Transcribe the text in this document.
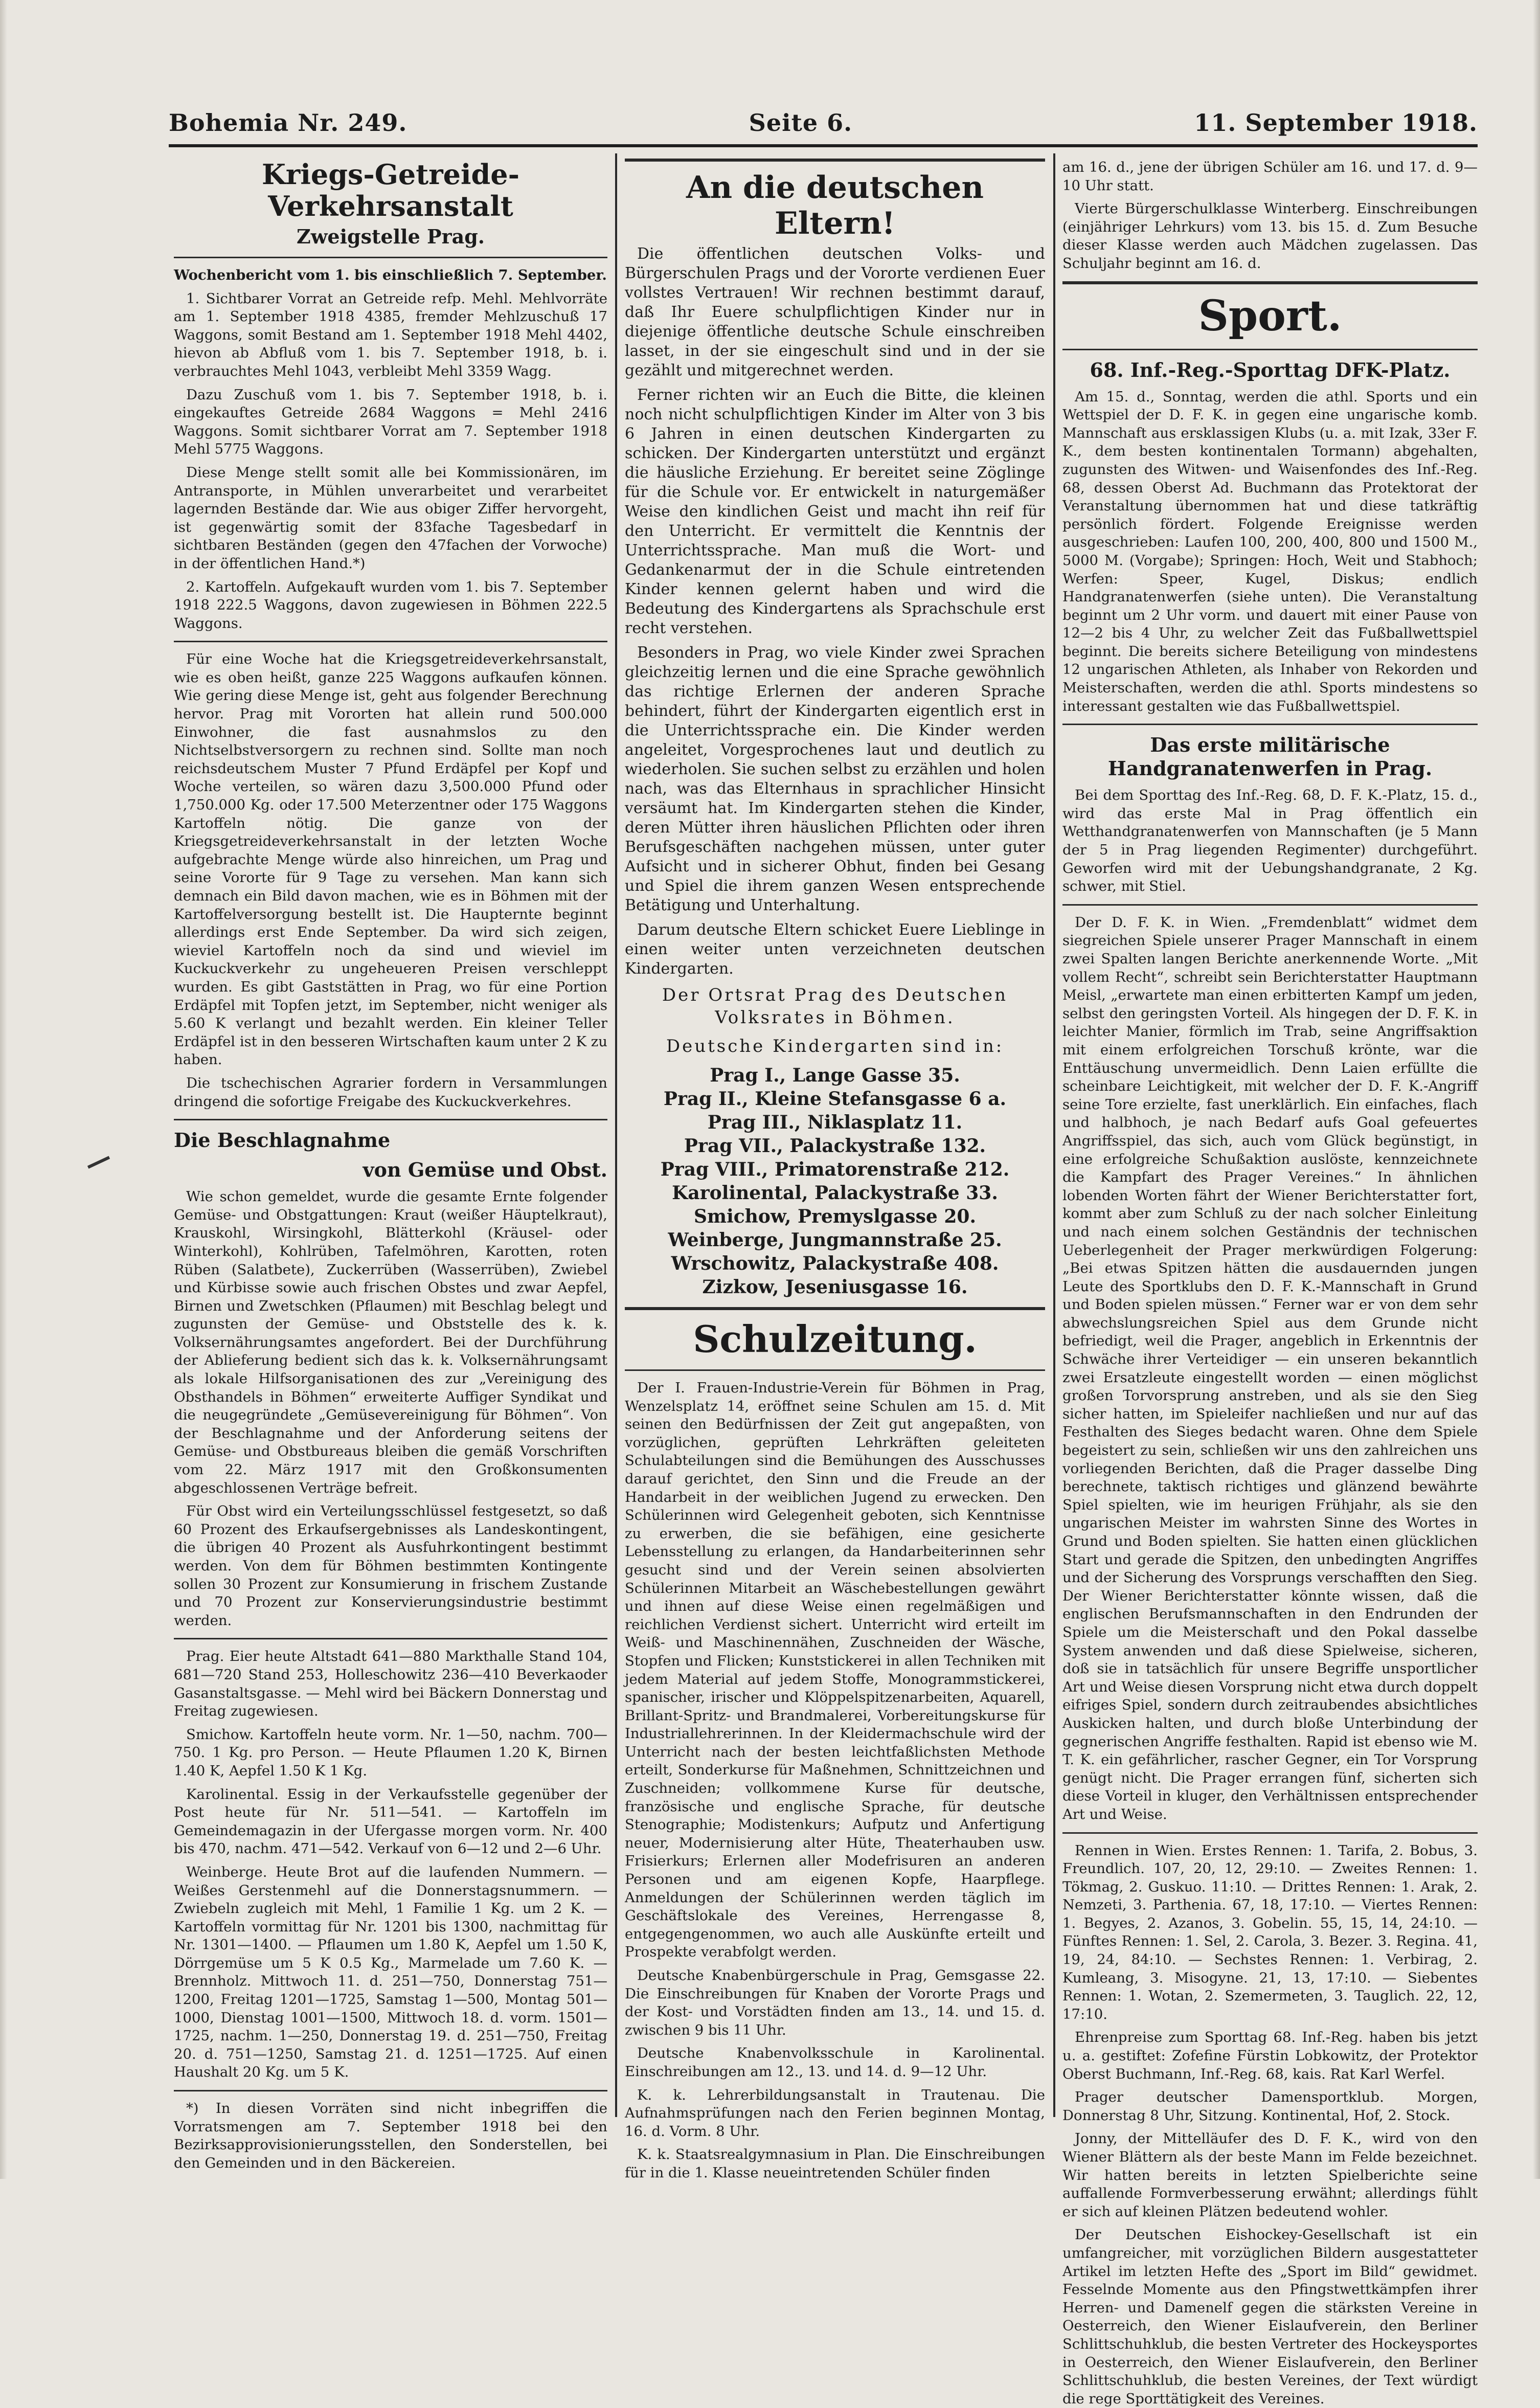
Bohemia Nr. 249.	Seite 6.	11. September 1918.
Kriegs-Getreide-Verkehrsanstalt
Zweigstelle Prag.

Wochenbericht vom 1. bis einschließlich 7. September.

1. Sichtbarer Vorrat an Getreide refp. Mehl. Mehlvorräte am 1. September 1918 4385, fremder Mehlzuschuß 17 Waggons, somit Bestand am 1. September 1918 Mehl 4402, hievon ab Abfluß vom 1. bis 7. September 1918, b. i. verbrauchtes Mehl 1043, verbleibt Mehl 3359 Wagg.

Dazu Zuschuß vom 1. bis 7. September 1918, b. i. eingekauftes Getreide 2684 Waggons = Mehl 2416 Waggons. Somit sichtbarer Vorrat am 7. September 1918 Mehl 5775 Waggons.

Diese Menge stellt somit alle bei Kommissionären, im Antransporte, in Mühlen unverarbeitet und verarbeitet lagernden Bestände dar. Wie aus obiger Ziffer hervorgeht, ist gegenwärtig somit der 83fache Tagesbedarf in sichtbaren Beständen (gegen den 47fachen der Vorwoche) in der öffentlichen Hand.*)

2. Kartoffeln. Aufgekauft wurden vom 1. bis 7. September 1918 222.5 Waggons, davon zugewiesen in Böhmen 222.5 Waggons.

Für eine Woche hat die Kriegsgetreideverkehrsanstalt, wie es oben heißt, ganze 225 Waggons aufkaufen können. Wie gering diese Menge ist, geht aus folgender Berechnung hervor. Prag mit Vororten hat allein rund 500.000 Einwohner, die fast ausnahmslos zu den Nichtselbstversorgern zu rechnen sind. Sollte man noch reichsdeutschem Muster 7 Pfund Erdäpfel per Kopf und Woche verteilen, so wären dazu 3,500.000 Pfund oder 1,750.000 Kg. oder 17.500 Meterzentner oder 175 Waggons Kartoffeln nötig. Die ganze von der Kriegsgetreideverkehrsanstalt in der letzten Woche aufgebrachte Menge würde also hinreichen, um Prag und seine Vororte für 9 Tage zu versehen. Man kann sich demnach ein Bild davon machen, wie es in Böhmen mit der Kartoffelversorgung bestellt ist. Die Haupternte beginnt allerdings erst Ende September. Da wird sich zeigen, wieviel Kartoffeln noch da sind und wieviel im Kuckuckverkehr zu ungeheueren Preisen verschleppt wurden. Es gibt Gaststätten in Prag, wo für eine Portion Erdäpfel mit Topfen jetzt, im September, nicht weniger als 5.60 K verlangt und bezahlt werden. Ein kleiner Teller Erdäpfel ist in den besseren Wirtschaften kaum unter 2 K zu haben.

Die tschechischen Agrarier fordern in Versammlungen dringend die sofortige Freigabe des Kuckuckverkehres.

Die Beschlagnahme
von Gemüse und Obst.

Wie schon gemeldet, wurde die gesamte Ernte folgender Gemüse- und Obstgattungen: Kraut (weißer Häuptelkraut), Krauskohl, Wirsingkohl, Blätterkohl (Kräusel- oder Winterkohl), Kohlrüben, Tafelmöhren, Karotten, roten Rüben (Salatbete), Zuckerrüben (Wasserrüben), Zwiebel und Kürbisse sowie auch frischen Obstes und zwar Aepfel, Birnen und Zwetschken (Pflaumen) mit Beschlag belegt und zugunsten der Gemüse- und Obststelle des k. k. Volksernährungsamtes angefordert. Bei der Durchführung der Ablieferung bedient sich das k. k. Volksernährungsamt als lokale Hilfsorganisationen des zur „Vereinigung des Obsthandels in Böhmen“ erweiterte Auffiger Syndikat und die neugegründete „Gemüsevereinigung für Böhmen“. Von der Beschlagnahme und der Anforderung seitens der Gemüse- und Obstbureaus bleiben die gemäß Vorschriften vom 22. März 1917 mit den Großkonsumenten abgeschlossenen Verträge befreit.

Für Obst wird ein Verteilungsschlüssel festgesetzt, so daß 60 Prozent des Erkaufsergebnisses als Landeskontingent, die übrigen 40 Prozent als Ausfuhrkontingent bestimmt werden. Von dem für Böhmen bestimmten Kontingente sollen 30 Prozent zur Konsumierung in frischem Zustande und 70 Prozent zur Konservierungsindustrie bestimmt werden.

Prag. Eier heute Altstadt 641—880 Markthalle Stand 104, 681—720 Stand 253, Holleschowitz 236—410 Beverkaoder Gasanstaltsgasse. — Mehl wird bei Bäckern Donnerstag und Freitag zugewiesen.

Smichow. Kartoffeln heute vorm. Nr. 1—50, nachm. 700—750. 1 Kg. pro Person. — Heute Pflaumen 1.20 K, Birnen 1.40 K, Aepfel 1.50 K 1 Kg.

Karolinental. Essig in der Verkaufsstelle gegenüber der Post heute für Nr. 511—541. — Kartoffeln im Gemeindemagazin in der Ufergasse morgen vorm. Nr. 400 bis 470, nachm. 471—542. Verkauf von 6—12 und 2—6 Uhr.

Weinberge. Heute Brot auf die laufenden Nummern. — Weißes Gerstenmehl auf die Donnerstagsnummern. — Zwiebeln zugleich mit Mehl, 1 Familie 1 Kg. um 2 K. — Kartoffeln vormittag für Nr. 1201 bis 1300, nachmittag für Nr. 1301—1400. — Pflaumen um 1.80 K, Aepfel um 1.50 K, Dörrgemüse um 5 K 0.5 Kg., Marmelade um 7.60 K. — Brennholz. Mittwoch 11. d. 251—750, Donnerstag 751—1200, Freitag 1201—1725, Samstag 1—500, Montag 501—1000, Dienstag 1001—1500, Mittwoch 18. d. vorm. 1501—1725, nachm. 1—250, Donnerstag 19. d. 251—750, Freitag 20. d. 751—1250, Samstag 21. d. 1251—1725. Auf einen Haushalt 20 Kg. um 5 K.

*) In diesen Vorräten sind nicht inbegriffen die Vorratsmengen am 7. September 1918 bei den Bezirksapprovisionierungsstellen, den Sonderstellen, bei den Gemeinden und in den Bäckereien.

An die deutschen Eltern!

Die öffentlichen deutschen Volks- und Bürgerschulen Prags und der Vororte verdienen Euer vollstes Vertrauen! Wir rechnen bestimmt darauf, daß Ihr Euere schulpflichtigen Kinder nur in diejenige öffentliche deutsche Schule einschreiben lasset, in der sie eingeschult sind und in der sie gezählt und mitgerechnet werden.

Ferner richten wir an Euch die Bitte, die kleinen noch nicht schulpflichtigen Kinder im Alter von 3 bis 6 Jahren in einen deutschen Kindergarten zu schicken. Der Kindergarten unterstützt und ergänzt die häusliche Erziehung. Er bereitet seine Zöglinge für die Schule vor. Er entwickelt in naturgemäßer Weise den kindlichen Geist und macht ihn reif für den Unterricht. Er vermittelt die Kenntnis der Unterrichtssprache. Man muß die Wort- und Gedankenarmut der in die Schule eintretenden Kinder kennen gelernt haben und wird die Bedeutung des Kindergartens als Sprachschule erst recht verstehen.

Besonders in Prag, wo viele Kinder zwei Sprachen gleichzeitig lernen und die eine Sprache gewöhnlich das richtige Erlernen der anderen Sprache behindert, führt der Kindergarten eigentlich erst in die Unterrichtssprache ein. Die Kinder werden angeleitet, Vorgesprochenes laut und deutlich zu wiederholen. Sie suchen selbst zu erzählen und holen nach, was das Elternhaus in sprachlicher Hinsicht versäumt hat. Im Kindergarten stehen die Kinder, deren Mütter ihren häuslichen Pflichten oder ihren Berufsgeschäften nachgehen müssen, unter guter Aufsicht und in sicherer Obhut, finden bei Gesang und Spiel die ihrem ganzen Wesen entsprechende Betätigung und Unterhaltung.

Darum deutsche Eltern schicket Euere Lieblinge in einen weiter unten verzeichneten deutschen Kindergarten.

Der Ortsrat Prag des Deutschen Volksrates in Böhmen.
Deutsche Kindergarten sind in:
Prag I., Lange Gasse 35.
Prag II., Kleine Stefansgasse 6 a.
Prag III., Niklasplatz 11.
Prag VII., Palackystraße 132.
Prag VIII., Primatorenstraße 212.
Karolinental, Palackystraße 33.
Smichow, Premyslgasse 20.
Weinberge, Jungmannstraße 25.
Wrschowitz, Palackystraße 408.
Zizkow, Jeseniusgasse 16.
Schulzeitung.

Der I. Frauen-Industrie-Verein für Böhmen in Prag, Wenzelsplatz 14, eröffnet seine Schulen am 15. d. Mit seinen den Bedürfnissen der Zeit gut angepaßten, von vorzüglichen, geprüften Lehrkräften geleiteten Schulabteilungen sind die Bemühungen des Ausschusses darauf gerichtet, den Sinn und die Freude an der Handarbeit in der weiblichen Jugend zu erwecken. Den Schülerinnen wird Gelegenheit geboten, sich Kenntnisse zu erwerben, die sie befähigen, eine gesicherte Lebensstellung zu erlangen, da Handarbeiterinnen sehr gesucht sind und der Verein seinen absolvierten Schülerinnen Mitarbeit an Wäschebestellungen gewährt und ihnen auf diese Weise einen regelmäßigen und reichlichen Verdienst sichert. Unterricht wird erteilt im Weiß- und Maschinennähen, Zuschneiden der Wäsche, Stopfen und Flicken; Kunststickerei in allen Techniken mit jedem Material auf jedem Stoffe, Monogrammstickerei, spanischer, irischer und Klöppelspitzenarbeiten, Aquarell, Brillant-Spritz- und Brandmalerei, Vorbereitungskurse für Industriallehrerinnen. In der Kleidermachschule wird der Unterricht nach der besten leichtfaßlichsten Methode erteilt, Sonderkurse für Maßnehmen, Schnittzeichnen und Zuschneiden; vollkommene Kurse für deutsche, französische und englische Sprache, für deutsche Stenographie; Modistenkurs; Aufputz und Anfertigung neuer, Modernisierung alter Hüte, Theaterhauben usw. Frisierkurs; Erlernen aller Modefrisuren an anderen Personen und am eigenen Kopfe, Haarpflege. Anmeldungen der Schülerinnen werden täglich im Geschäftslokale des Vereines, Herrengasse 8, entgegengenommen, wo auch alle Auskünfte erteilt und Prospekte verabfolgt werden.

Deutsche Knabenbürgerschule in Prag, Gemsgasse 22. Die Einschreibungen für Knaben der Vororte Prags und der Kost- und Vorstädten finden am 13., 14. und 15. d. zwischen 9 bis 11 Uhr.

Deutsche Knabenvolksschule in Karolinental. Einschreibungen am 12., 13. und 14. d. 9—12 Uhr.

K. k. Lehrerbildungsanstalt in Trautenau. Die Aufnahmsprüfungen nach den Ferien beginnen Montag, 16. d. Vorm. 8 Uhr.

K. k. Staatsrealgymnasium in Plan. Die Einschreibungen für in die 1. Klasse neueintretenden Schüler finden

am 16. d., jene der übrigen Schüler am 16. und 17. d. 9—10 Uhr statt.

Vierte Bürgerschulklasse Winterberg. Einschreibungen (einjähriger Lehrkurs) vom 13. bis 15. d. Zum Besuche dieser Klasse werden auch Mädchen zugelassen. Das Schuljahr beginnt am 16. d.

Sport.
68. Inf.-Reg.-Sporttag DFK-Platz.

Am 15. d., Sonntag, werden die athl. Sports und ein Wettspiel der D. F. K. in gegen eine ungarische komb. Mannschaft aus ersklassigen Klubs (u. a. mit Izak, 33er F. K., dem besten kontinentalen Tormann) abgehalten, zugunsten des Witwen- und Waisenfondes des Inf.-Reg. 68, dessen Oberst Ad. Buchmann das Protektorat der Veranstaltung übernommen hat und diese tatkräftig persönlich fördert. Folgende Ereignisse werden ausgeschrieben: Laufen 100, 200, 400, 800 und 1500 M., 5000 M. (Vorgabe); Springen: Hoch, Weit und Stabhoch; Werfen: Speer, Kugel, Diskus; endlich Handgranatenwerfen (siehe unten). Die Veranstaltung beginnt um 2 Uhr vorm. und dauert mit einer Pause von 12—2 bis 4 Uhr, zu welcher Zeit das Fußballwettspiel beginnt. Die bereits sichere Beteiligung von mindestens 12 ungarischen Athleten, als Inhaber von Rekorden und Meisterschaften, werden die athl. Sports mindestens so interessant gestalten wie das Fußballwettspiel.

Das erste militärische Handgranatenwerfen in Prag.

Bei dem Sporttag des Inf.-Reg. 68, D. F. K.-Platz, 15. d., wird das erste Mal in Prag öffentlich ein Wetthandgranatenwerfen von Mannschaften (je 5 Mann der 5 in Prag liegenden Regimenter) durchgeführt. Geworfen wird mit der Uebungshandgranate, 2 Kg. schwer, mit Stiel.

Der D. F. K. in Wien. „Fremdenblatt“ widmet dem siegreichen Spiele unserer Prager Mannschaft in einem zwei Spalten langen Berichte anerkennende Worte. „Mit vollem Recht“, schreibt sein Berichterstatter Hauptmann Meisl, „erwartete man einen erbitterten Kampf um jeden, selbst den geringsten Vorteil. Als hingegen der D. F. K. in leichter Manier, förmlich im Trab, seine Angriffsaktion mit einem erfolgreichen Torschuß krönte, war die Enttäuschung unvermeidlich. Denn Laien erfüllte die scheinbare Leichtigkeit, mit welcher der D. F. K.-Angriff seine Tore erzielte, fast unerklärlich. Ein einfaches, flach und halbhoch, je nach Bedarf aufs Goal gefeuertes Angriffsspiel, das sich, auch vom Glück begünstigt, in eine erfolgreiche Schußaktion auslöste, kennzeichnete die Kampfart des Prager Vereines.“ In ähnlichen lobenden Worten fährt der Wiener Berichterstatter fort, kommt aber zum Schluß zu der nach solcher Einleitung und nach einem solchen Geständnis der technischen Ueberlegenheit der Prager merkwürdigen Folgerung: „Bei etwas Spitzen hätten die ausdauernden jungen Leute des Sportklubs den D. F. K.-Mannschaft in Grund und Boden spielen müssen.“ Ferner war er von dem sehr abwechslungsreichen Spiel aus dem Grunde nicht befriedigt, weil die Prager, angeblich in Erkenntnis der Schwäche ihrer Verteidiger — ein unseren bekanntlich zwei Ersatzleute eingestellt worden — einen möglichst großen Torvorsprung anstreben, und als sie den Sieg sicher hatten, im Spieleifer nachließen und nur auf das Festhalten des Sieges bedacht waren. Ohne dem Spiele begeistert zu sein, schließen wir uns den zahlreichen uns vorliegenden Berichten, daß die Prager dasselbe Ding berechnete, taktisch richtiges und glänzend bewährte Spiel spielten, wie im heurigen Frühjahr, als sie den ungarischen Meister im wahrsten Sinne des Wortes in Grund und Boden spielten. Sie hatten einen glücklichen Start und gerade die Spitzen, den unbedingten Angriffes und der Sicherung des Vorsprungs verschafften den Sieg. Der Wiener Berichterstatter könnte wissen, daß die englischen Berufsmannschaften in den Endrunden der Spiele um die Meisterschaft und den Pokal dasselbe System anwenden und daß diese Spielweise, sicheren, doß sie in tatsächlich für unsere Begriffe unsportlicher Art und Weise diesen Vorsprung nicht etwa durch doppelt eifriges Spiel, sondern durch zeitraubendes absichtliches Auskicken halten, und durch bloße Unterbindung der gegnerischen Angriffe festhalten. Rapid ist ebenso wie M. T. K. ein gefährlicher, rascher Gegner, ein Tor Vorsprung genügt nicht. Die Prager errangen fünf, sicherten sich diese Vorteil in kluger, den Verhältnissen entsprechender Art und Weise.

Rennen in Wien. Erstes Rennen: 1. Tarifa, 2. Bobus, 3. Freundlich. 107, 20, 12, 29:10. — Zweites Rennen: 1. Tökmag, 2. Guskuo. 11:10. — Drittes Rennen: 1. Arak, 2. Nemzeti, 3. Parthenia. 67, 18, 17:10. — Viertes Rennen: 1. Begyes, 2. Azanos, 3. Gobelin. 55, 15, 14, 24:10. — Fünftes Rennen: 1. Sel, 2. Carola, 3. Bezer. 3. Regina. 41, 19, 24, 84:10. — Sechstes Rennen: 1. Verbirag, 2. Kumleang, 3. Misogyne. 21, 13, 17:10. — Siebentes Rennen: 1. Wotan, 2. Szemermeten, 3. Tauglich. 22, 12, 17:10.

Ehrenpreise zum Sporttag 68. Inf.-Reg. haben bis jetzt u. a. gestiftet: Zofefine Fürstin Lobkowitz, der Protektor Oberst Buchmann, Inf.-Reg. 68, kais. Rat Karl Werfel.

Prager deutscher Damensportklub. Morgen, Donnerstag 8 Uhr, Sitzung. Kontinental, Hof, 2. Stock.

Jonny, der Mittelläufer des D. F. K., wird von den Wiener Blättern als der beste Mann im Felde bezeichnet. Wir hatten bereits in letzten Spielberichte seine auffallende Formverbesserung erwähnt; allerdings fühlt er sich auf kleinen Plätzen bedeutend wohler.

Der Deutschen Eishockey-Gesellschaft ist ein umfangreicher, mit vorzüglichen Bildern ausgestatteter Artikel im letzten Hefte des „Sport im Bild“ gewidmet. Fesselnde Momente aus den Pfingstwettkämpfen ihrer Herren- und Damenelf gegen die stärksten Vereine in Oesterreich, den Wiener Eislaufverein, den Berliner Schlittschuhklub, die besten Vertreter des Hockeysportes in Oesterreich, den Wiener Eislaufverein, den Berliner Schlittschuhklub, die besten Vereines, der Text würdigt die rege Sporttätigkeit des Vereines.
